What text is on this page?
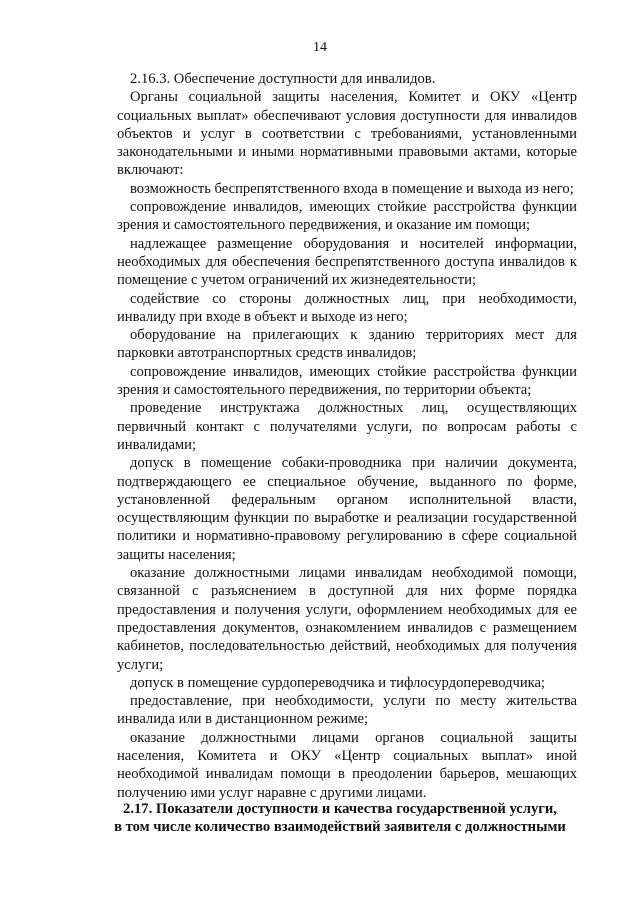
14

2.16.3. Обеспечение доступности для инвалидов.

Органы социальной защиты населения, Комитет и ОКУ «Центр социальных выплат» обеспечивают условия доступности для инвалидов объектов и услуг в соответствии с требованиями, установленными законодательными и иными нормативными правовыми актами, которые включают:

возможность беспрепятственного входа в помещение и выхода из него;

сопровождение инвалидов, имеющих стойкие расстройства функции зрения и самостоятельного передвижения, и оказание им помощи;

надлежащее размещение оборудования и носителей информации, необходимых для обеспечения беспрепятственного доступа инвалидов к помещение с учетом ограничений их жизнедеятельности;

содействие со стороны должностных лиц, при необходимости, инвалиду при входе в объект и выходе из него;

оборудование на прилегающих к зданию территориях мест для парковки автотранспортных средств инвалидов;

сопровождение инвалидов, имеющих стойкие расстройства функции зрения и самостоятельного передвижения, по территории объекта;

проведение инструктажа должностных лиц, осуществляющих первичный контакт с получателями услуги, по вопросам работы с инвалидами;

допуск в помещение собаки-проводника при наличии документа, подтверждающего ее специальное обучение, выданного по форме, установленной федеральным органом исполнительной власти, осуществляющим функции по выработке и реализации государственной политики и нормативно-правовому регулированию в сфере социальной защиты населения;

оказание должностными лицами инвалидам необходимой помощи, связанной с разъяснением в доступной для них форме порядка предоставления и получения услуги, оформлением необходимых для ее предоставления документов, ознакомлением инвалидов с размещением кабинетов, последовательностью действий, необходимых для получения услуги;

допуск в помещение сурдопереводчика и тифлосурдопереводчика;

предоставление, при необходимости, услуги по месту жительства инвалида или в дистанционном режиме;

оказание должностными лицами органов социальной защиты населения, Комитета и ОКУ «Центр социальных выплат» иной необходимой инвалидам помощи в преодолении барьеров, мешающих получению ими услуг наравне с другими лицами.

2.17. Показатели доступности и качества государственной услуги,

в том числе количество взаимодействий заявителя с должностными
